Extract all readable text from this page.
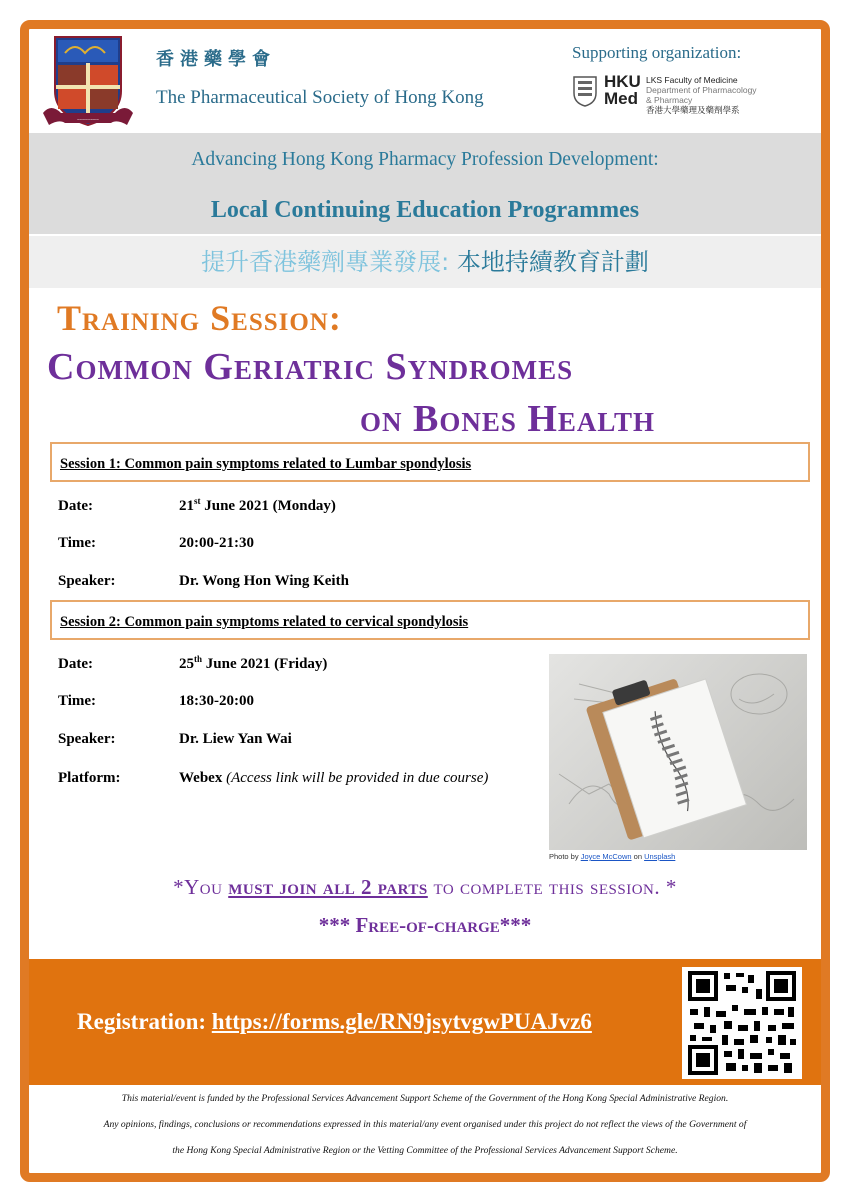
~~~~~~~~
香港藥學會
The Pharmaceutical Society of Hong Kong
Supporting organization:
HKU
Med
LKS Faculty of Medicine
Department of Pharmacology
& Pharmacy
香港大學藥理及藥劑學系
Advancing Hong Kong Pharmacy Profession Development:
Local Continuing Education Programmes
提升香港藥劑專業發展: 本地持續教育計劃
Training Session:
Common Geriatric Syndromes
on Bones Health
Session 1: Common pain symptoms related to Lumbar spondylosis
Date:	21st June 2021 (Monday)
Time:	20:00-21:30
Speaker:	Dr. Wong Hon Wing Keith
Session 2: Common pain symptoms related to cervical spondylosis
Date:	25th June 2021 (Friday)
Time:	18:30-20:00
Speaker:	Dr. Liew Yan Wai
Platform:	Webex (Access link will be provided in due course)
Photo by Joyce McCown on Unsplash
*You must join all 2 parts to complete this session. *
*** Free-of-charge***
Registration: https://forms.gle/RN9jsytvgwPUAJvz6

This material/event is funded by the Professional Services Advancement Support Scheme of the Government of the Hong Kong Special Administrative Region.

Any opinions, findings, conclusions or recommendations expressed in this material/any event organised under this project do not reflect the views of the Government of

the Hong Kong Special Administrative Region or the Vetting Committee of the Professional Services Advancement Support Scheme.
